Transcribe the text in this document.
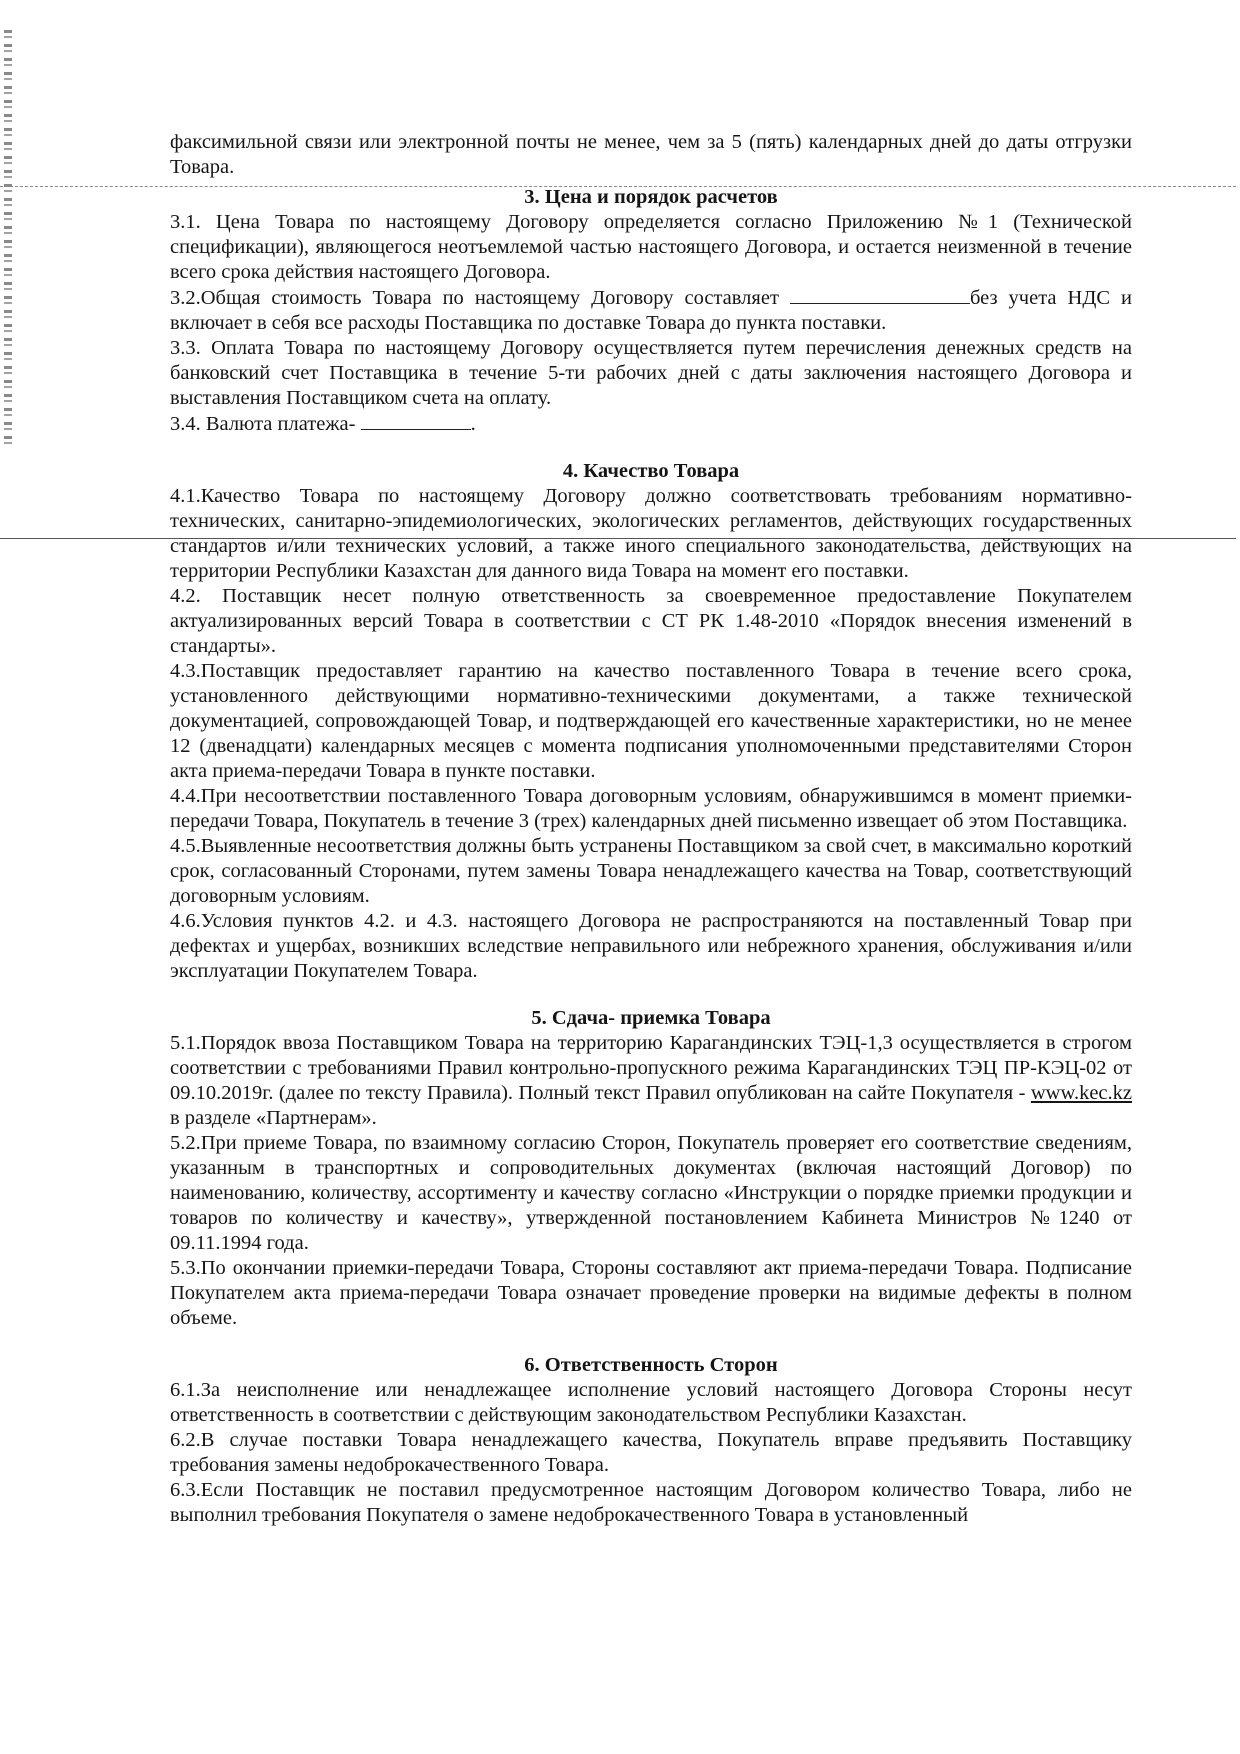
факсимильной связи или электронной почты не менее, чем за 5 (пять) календарных дней до даты отгрузки Товара.

3. Цена и порядок расчетов

3.1. Цена Товара по настоящему Договору определяется согласно Приложению №1 (Технической спецификации), являющегося неотъемлемой частью настоящего Договора, и остается неизменной в течение всего срока действия настоящего Договора.

3.2.Общая стоимость Товара по настоящему Договору составляет	без учета НДС и включает в себя все расходы Поставщика по доставке Товара до пункта поставки.

3.3. Оплата Товара по настоящему Договору осуществляется путем перечисления денежных средств на банковский счет Поставщика в течение 5-ти рабочих дней с даты заключения настоящего Договора и выставления Поставщиком счета на оплату.

3.4. Валюта платежа-	.

4. Качество Товара

4.1.Качество Товара по настоящему Договору должно соответствовать требованиям нормативно-технических, санитарно-эпидемиологических, экологических регламентов, действующих государственных стандартов и/или технических условий, а также иного специального законодательства, действующих на территории Республики Казахстан для данного вида Товара на момент его поставки.

4.2. Поставщик несет полную ответственность за своевременное предоставление Покупателем актуализированных версий Товара в соответствии с СТ РК 1.48-2010 «Порядок внесения изменений в стандарты».

4.3.Поставщик предоставляет гарантию на качество поставленного Товара в течение всего срока, установленного действующими нормативно-техническими документами, а также технической документацией, сопровождающей Товар, и подтверждающей его качественные характеристики, но не менее 12 (двенадцати) календарных месяцев с момента подписания уполномоченными представителями Сторон акта приема-передачи Товара в пункте поставки.

4.4.При несоответствии поставленного Товара договорным условиям, обнаружившимся в момент приемки-передачи Товара, Покупатель в течение 3 (трех) календарных дней письменно извещает об этом Поставщика.

4.5.Выявленные несоответствия должны быть устранены Поставщиком за свой счет, в максимально короткий срок, согласованный Сторонами, путем замены Товара ненадлежащего качества на Товар, соответствующий договорным условиям.

4.6.Условия пунктов 4.2. и 4.3. настоящего Договора не распространяются на поставленный Товар при дефектах и ущербах, возникших вследствие неправильного или небрежного хранения, обслуживания и/или эксплуатации Покупателем Товара.

5. Сдача- приемка Товара

5.1.Порядок ввоза Поставщиком Товара на территорию Карагандинских ТЭЦ-1,3 осуществляется в строгом соответствии с требованиями Правил контрольно-пропускного режима Карагандинских ТЭЦ ПР-КЭЦ-02 от 09.10.2019г. (далее по тексту Правила). Полный текст Правил опубликован на сайте Покупателя - www.kec.kz в разделе «Партнерам».

5.2.При приеме Товара, по взаимному согласию Сторон, Покупатель проверяет его соответствие сведениям, указанным в транспортных и сопроводительных документах (включая настоящий Договор) по наименованию, количеству, ассортименту и качеству согласно «Инструкции о порядке приемки продукции и товаров по количеству и качеству», утвержденной постановлением Кабинета Министров №1240 от 09.11.1994 года.

5.3.По окончании приемки-передачи Товара, Стороны составляют акт приема-передачи Товара. Подписание Покупателем акта приема-передачи Товара означает проведение проверки на видимые дефекты в полном объеме.

6. Ответственность Сторон

6.1.За неисполнение или ненадлежащее исполнение условий настоящего Договора Стороны несут ответственность в соответствии с действующим законодательством Республики Казахстан.

6.2.В случае поставки Товара ненадлежащего качества, Покупатель вправе предъявить Поставщику требования замены недоброкачественного Товара.

6.3.Если Поставщик не поставил предусмотренное настоящим Договором количество Товара, либо не выполнил требования Покупателя о замене недоброкачественного Товара в установленный
